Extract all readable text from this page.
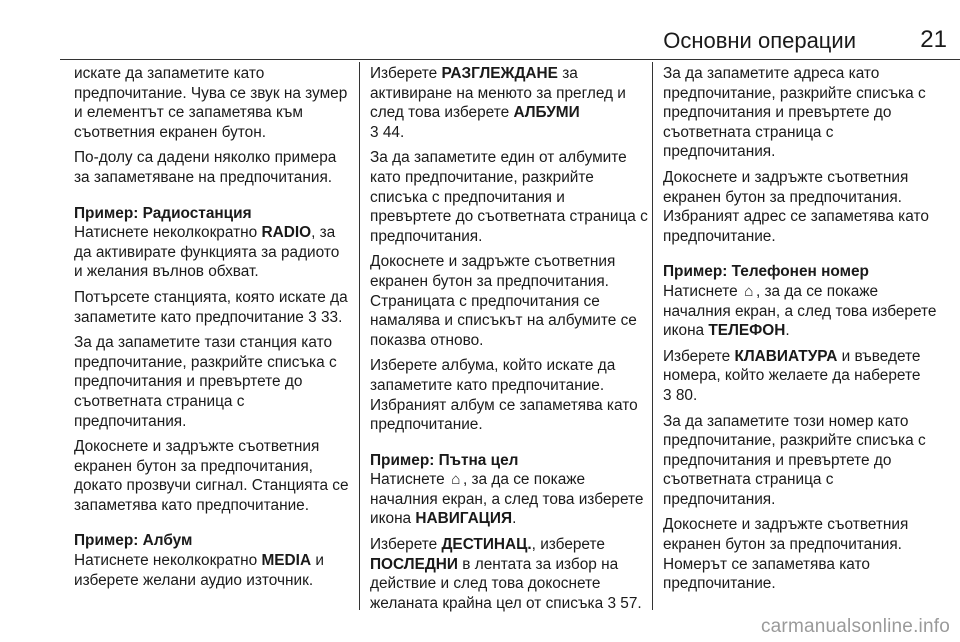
Основни операции	21

искате да запаметите като предпочитание. Чува се звук на зумер и елементът се запаметява към съответния екранен бутон.

По-долу са дадени няколко примера за запаметяване на предпочитания.

Пример: Радиостанция
Натиснете неколкократно RADIO, за да активирате функцията за радиото и желания вълнов обхват.

Потърсете станцията, която искате да запаметите като предпочитание 3 33.

За да запаметите тази станция като предпочитание, разкрийте списъка с предпочитания и превъртете до съответната страница с предпочитания.

Докоснете и задръжте съответния екранен бутон за предпочитания, докато прозвучи сигнал. Станцията се запаметява като предпочитание.

Пример: Албум
Натиснете неколкократно MEDIA и изберете желани аудио източник.

Изберете РАЗГЛЕЖДАНЕ за активиране на менюто за преглед и след това изберете АЛБУМИ
3 44.

За да запаметите един от албумите като предпочитание, разкрийте списъка с предпочитания и превъртете до съответната страница с предпочитания.

Докоснете и задръжте съответния екранен бутон за предпочитания. Страницата с предпочитания се намалява и списъкът на албумите се показва отново.

Изберете албума, който искате да запаметите като предпочитание. Избраният албум се запаметява като предпочитание.

Пример: Пътна цел
Натиснете ⌂ , за да се покаже началния екран, а след това изберете икона НАВИГАЦИЯ.

Изберете ДЕСТИНАЦ., изберете ПОСЛЕДНИ в лентата за избор на действие и след това докоснете желаната крайна цел от списъка 3 57.

За да запаметите адреса като предпочитание, разкрийте списъка с предпочитания и превъртете до съответната страница с предпочитания.

Докоснете и задръжте съответния екранен бутон за предпочитания. Избраният адрес се запаметява като предпочитание.

Пример: Телефонен номер
Натиснете ⌂ , за да се покаже началния екран, а след това изберете икона ТЕЛЕФОН.

Изберете КЛАВИАТУРА и въведете номера, който желаете да наберете 3 80.

За да запаметите този номер като предпочитание, разкрийте списъка с предпочитания и превъртете до съответната страница с предпочитания.

Докоснете и задръжте съответния екранен бутон за предпочитания. Номерът се запаметява като предпочитание.

carmanualsonline.info
